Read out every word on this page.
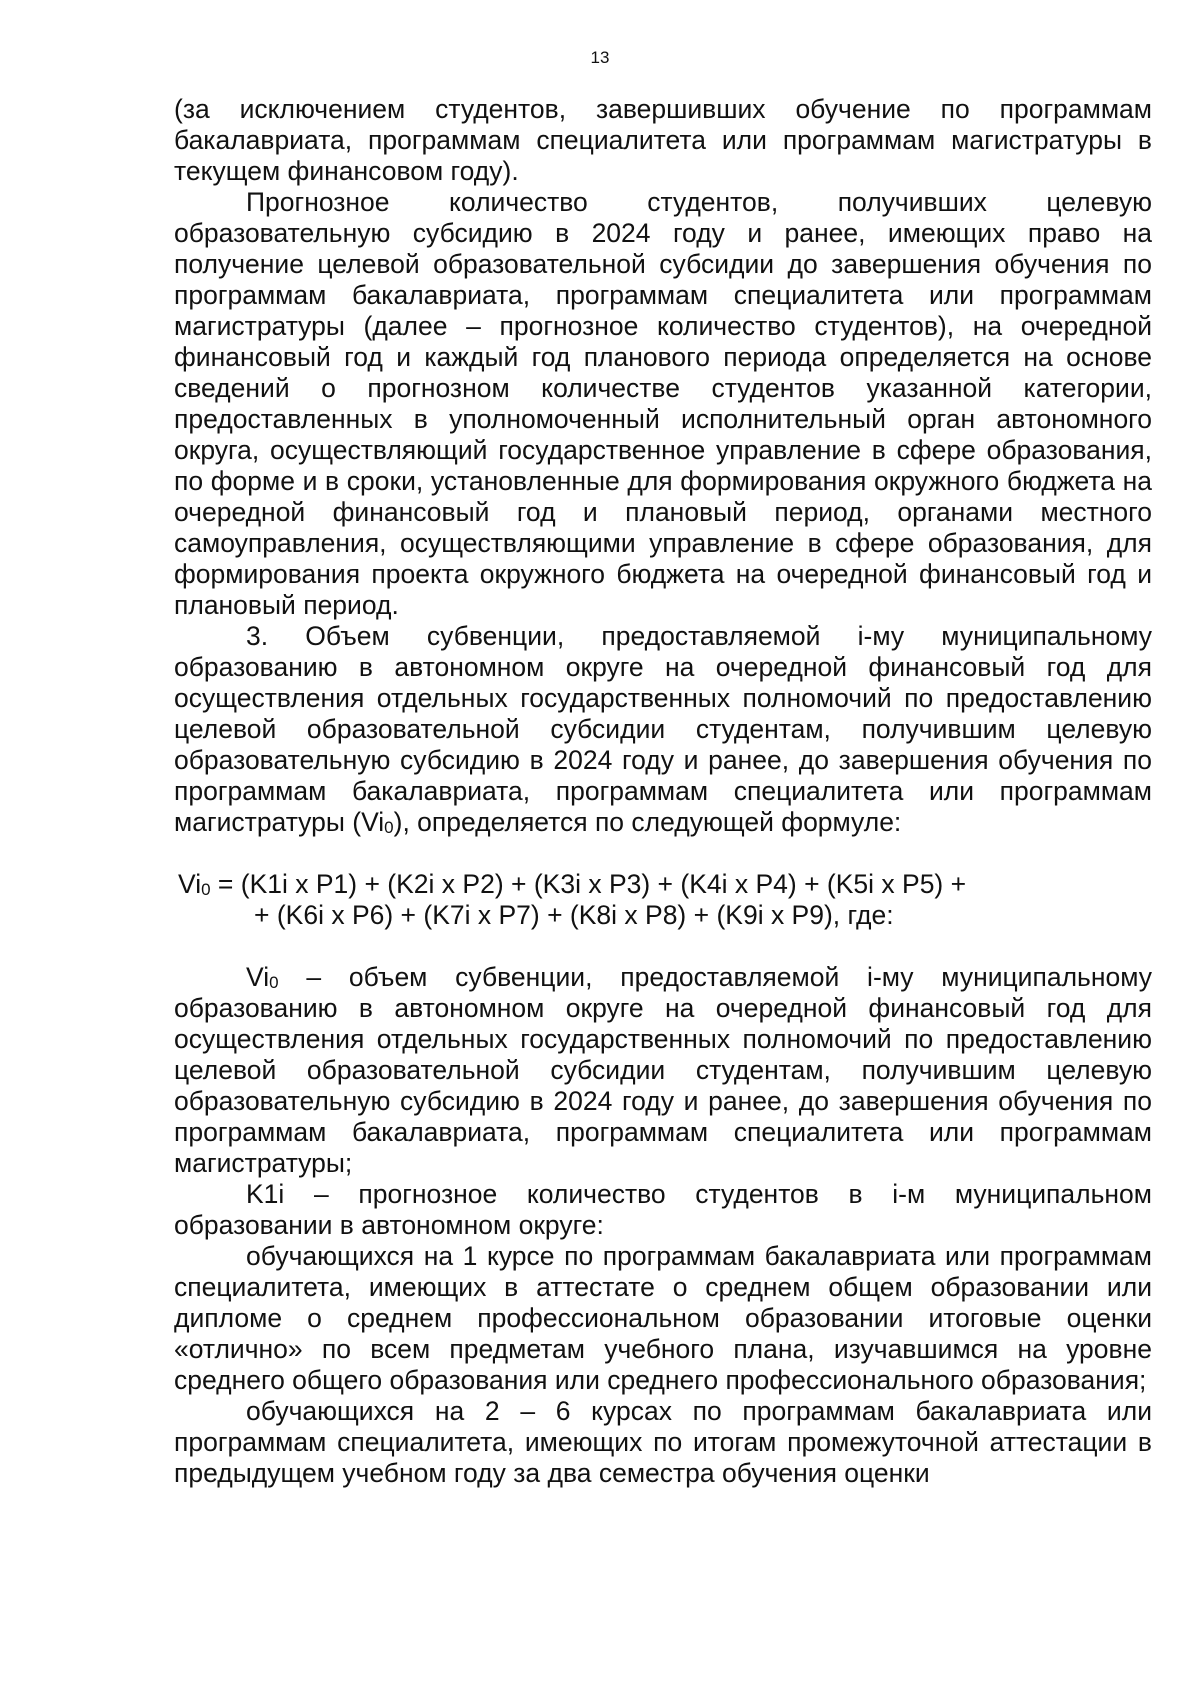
13

(за исключением студентов, завершивших обучение по программам бакалавриата, программам специалитета или программам магистратуры в текущем финансовом году).

Прогнозное количество студентов, получивших целевую образовательную субсидию в 2024 году и ранее, имеющих право на получение целевой образовательной субсидии до завершения обучения по программам бакалавриата, программам специалитета или программам магистратуры (далее – прогнозное количество студентов), на очередной финансовый год и каждый год планового периода определяется на основе сведений о прогнозном количестве студентов указанной категории, предоставленных в уполномоченный исполнительный орган автономного округа, осуществляющий государственное управление в сфере образования, по форме и в сроки, установленные для формирования окружного бюджета на очередной финансовый год и плановый период, органами местного самоуправления, осуществляющими управление в сфере образования, для формирования проекта окружного бюджета на очередной финансовый год и плановый период.

3. Объем субвенции, предоставляемой i-му муниципальному образованию в автономном округе на очередной финансовый год для осуществления отдельных государственных полномочий по предоставлению целевой образовательной субсидии студентам, получившим целевую образовательную субсидию в 2024 году и ранее, до завершения обучения по программам бакалавриата, программам специалитета или программам магистратуры $(Vi_0)$, определяется по следующей формуле:

$Vi_0 = (K1i$ x P1) + (K2i x P2) + (K3i x P3) + (K4i x P4) + (K5i x P5) +

+ (K6i x P6) + (K7i x P7) + (K8i x P8) + (K9i x P9), где:

$Vi_0$ – объем субвенции, предоставляемой i-му муниципальному образованию в автономном округе на очередной финансовый год для осуществления отдельных государственных полномочий по предоставлению целевой образовательной субсидии студентам, получившим целевую образовательную субсидию в 2024 году и ранее, до завершения обучения по программам бакалавриата, программам специалитета или программам магистратуры;

K1i – прогнозное количество студентов в i-м муниципальном образовании в автономном округе:

обучающихся на 1 курсе по программам бакалавриата или программам специалитета, имеющих в аттестате о среднем общем образовании или дипломе о среднем профессиональном образовании итоговые оценки «отлично» по всем предметам учебного плана, изучавшимся на уровне среднего общего образования или среднего профессионального образования;

обучающихся на 2 – 6 курсах по программам бакалавриата или программам специалитета, имеющих по итогам промежуточной аттестации в предыдущем учебном году за два семестра обучения оценки
